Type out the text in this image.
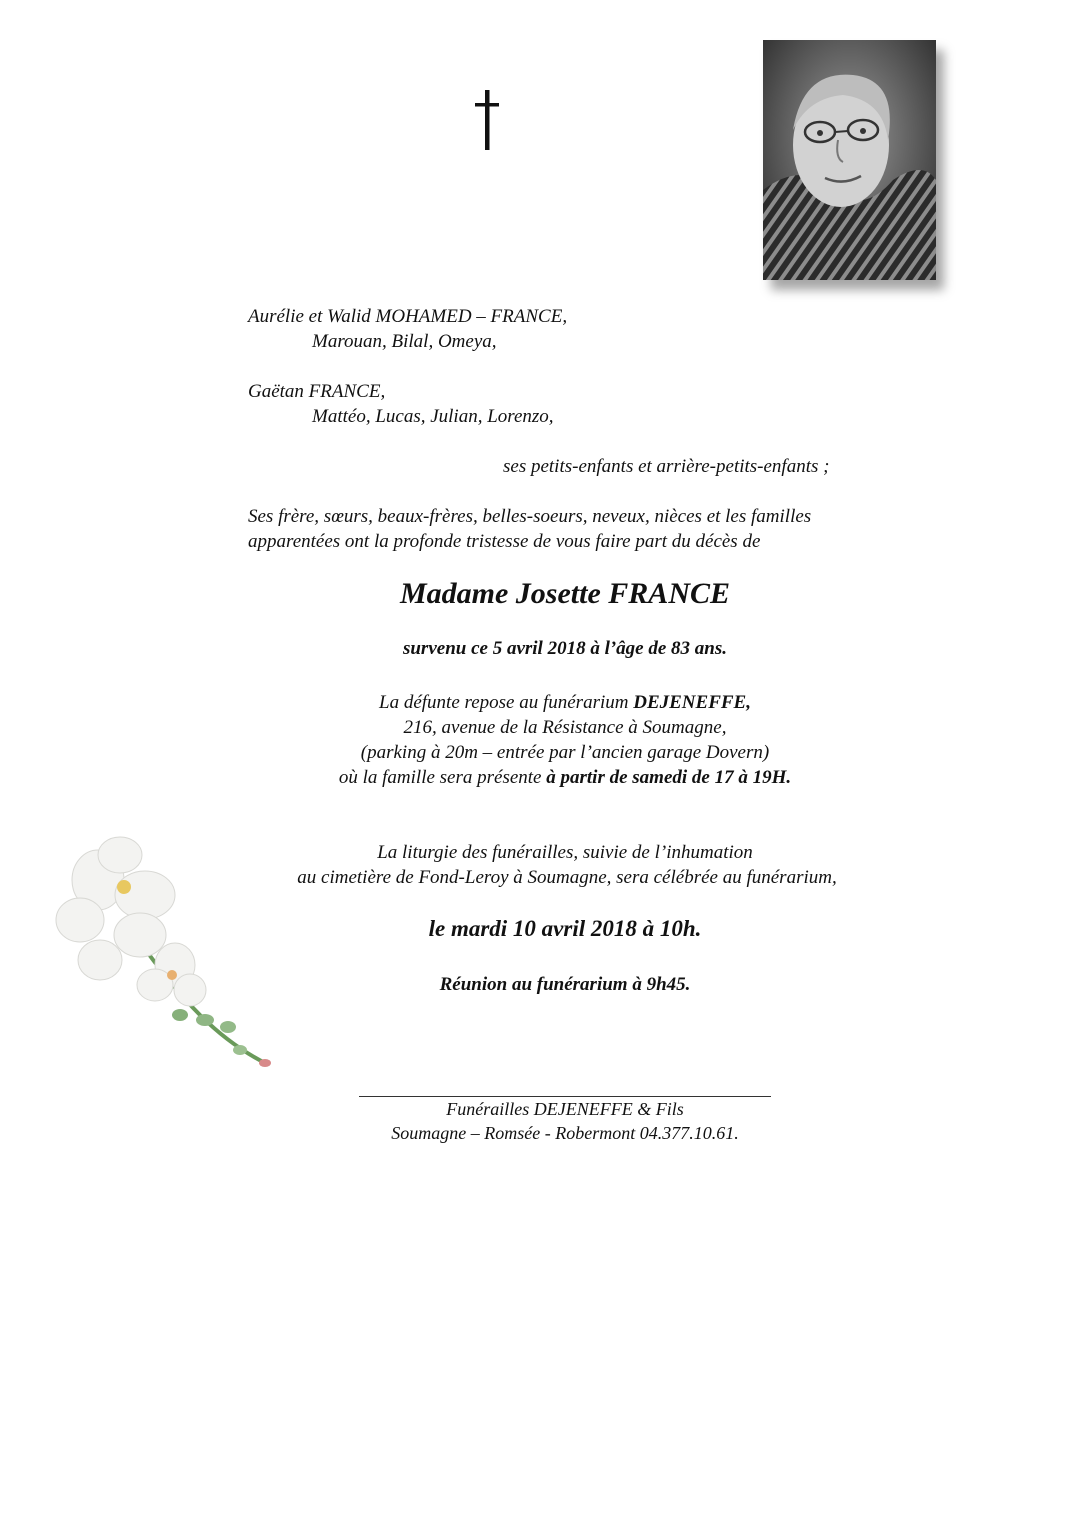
Aurélie et Walid MOHAMED – FRANCE,
Marouan, Bilal, Omeya,
Gaëtan FRANCE,
Mattéo, Lucas, Julian, Lorenzo,
ses petits-enfants et arrière-petits-enfants ;
Ses frère, sœurs, beaux-frères, belles-soeurs, neveux, nièces et les familles
apparentées ont la profonde tristesse de vous faire part du décès de
Madame Josette FRANCE
survenu ce 5 avril 2018 à l’âge de 83 ans.
La défunte repose au funérarium DEJENEFFE,
216, avenue de la Résistance à Soumagne,
(parking à 20m – entrée par l’ancien garage Dovern)
où la famille sera présente à partir de samedi de 17 à 19H.
La liturgie des funérailles, suivie de l’inhumation
au cimetière de Fond-Leroy à Soumagne, sera célébrée au funérarium,
le mardi 10 avril 2018 à 10h.
Réunion au funérarium à 9h45.
Funérailles DEJENEFFE & Fils
Soumagne – Romsée - Robermont 04.377.10.61.
